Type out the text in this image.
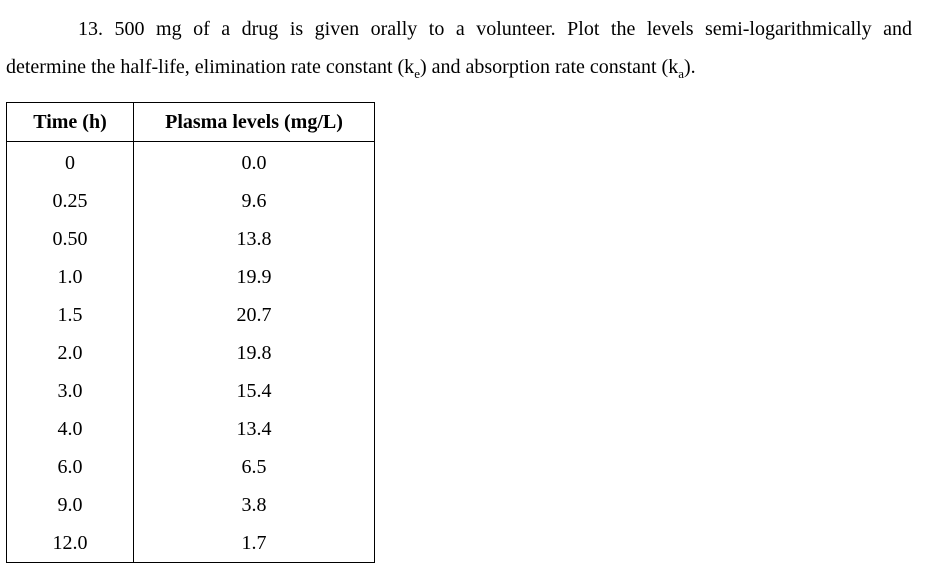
13. 500 mg of a drug is given orally to a volunteer. Plot the levels semi-logarithmically and
determine the half-life, elimination rate constant $(k_e)$ and absorption rate constant $(k_a)$.

Time (h)	Plasma levels (mg/L)
0	0.0
0.25	9.6
0.50	13.8
1.0	19.9
1.5	20.7
2.0	19.8
3.0	15.4
4.0	13.4
6.0	6.5
9.0	3.8
12.0	1.7
